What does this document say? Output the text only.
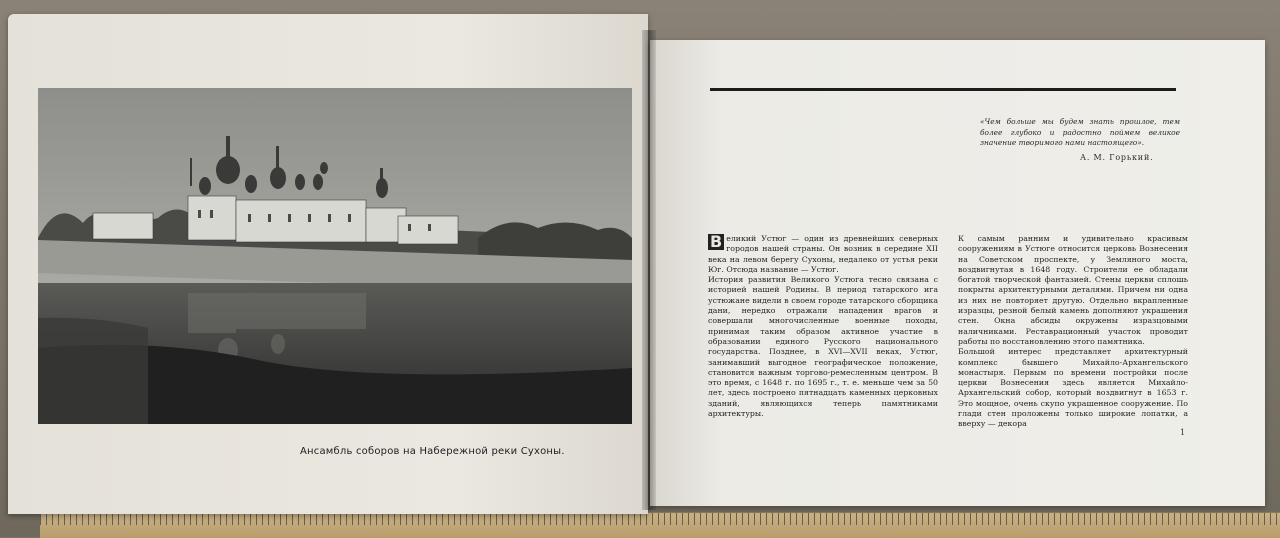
Ансамбль соборов на Набережной реки Сухоны.
«Чем больше мы будем знать прошлое, тем более глубоко и радостно поймем великое значение творимого нами настоящего».
А. М. Горький.
В еликий Устюг — один из древнейших северных городов нашей страны. Он возник в середине XII века на левом берегу Сухоны, недалеко от устья реки Юг. Отсюда название — Устюг.
История развития Великого Устюга тесно связана с историей нашей Родины. В период татарского ига устюжане видели в своем городе татарского сборщика дани, нередко отражали нападения врагов и совершали многочисленные военные походы, принимая таким образом активное участие в образовании единого Русского национального государства. Позднее, в XVI—XVII веках, Устюг, занимавший выгодное географическое положение, становится важным торгово-ремесленным центром. В это время, с 1648 г. по 1695 г., т. е. меньше чем за 50 лет, здесь построено пятнадцать каменных церковных зданий, являющихся теперь памятниками архитектуры.
К самым ранним и удивительно красивым сооружениям в Устюге относится церковь Вознесения на Советском проспекте, у Земляного моста, воздвигнутая в 1648 году. Строители ее обладали богатой творческой фантазией. Стены церкви сплошь покрыты архитектурными деталями. Причем ни одна из них не повторяет другую. Отдельно вкрапленные изразцы, резной белый камень дополняют украшения стен. Окна абсиды окружены изразцовыми наличниками. Реставрационный участок проводит работы по восстановлению этого памятника.
Большой интерес представляет архитектурный комплекс бывшего Михайло-Архангельского монастыря. Первым по времени постройки после церкви Вознесения здесь является Михайло-Архангельский собор, который воздвигнут в 1653 г. Это мощное, очень скупо украшенное сооружение. По глади стен проложены только широкие лопатки, а вверху — декора
1
